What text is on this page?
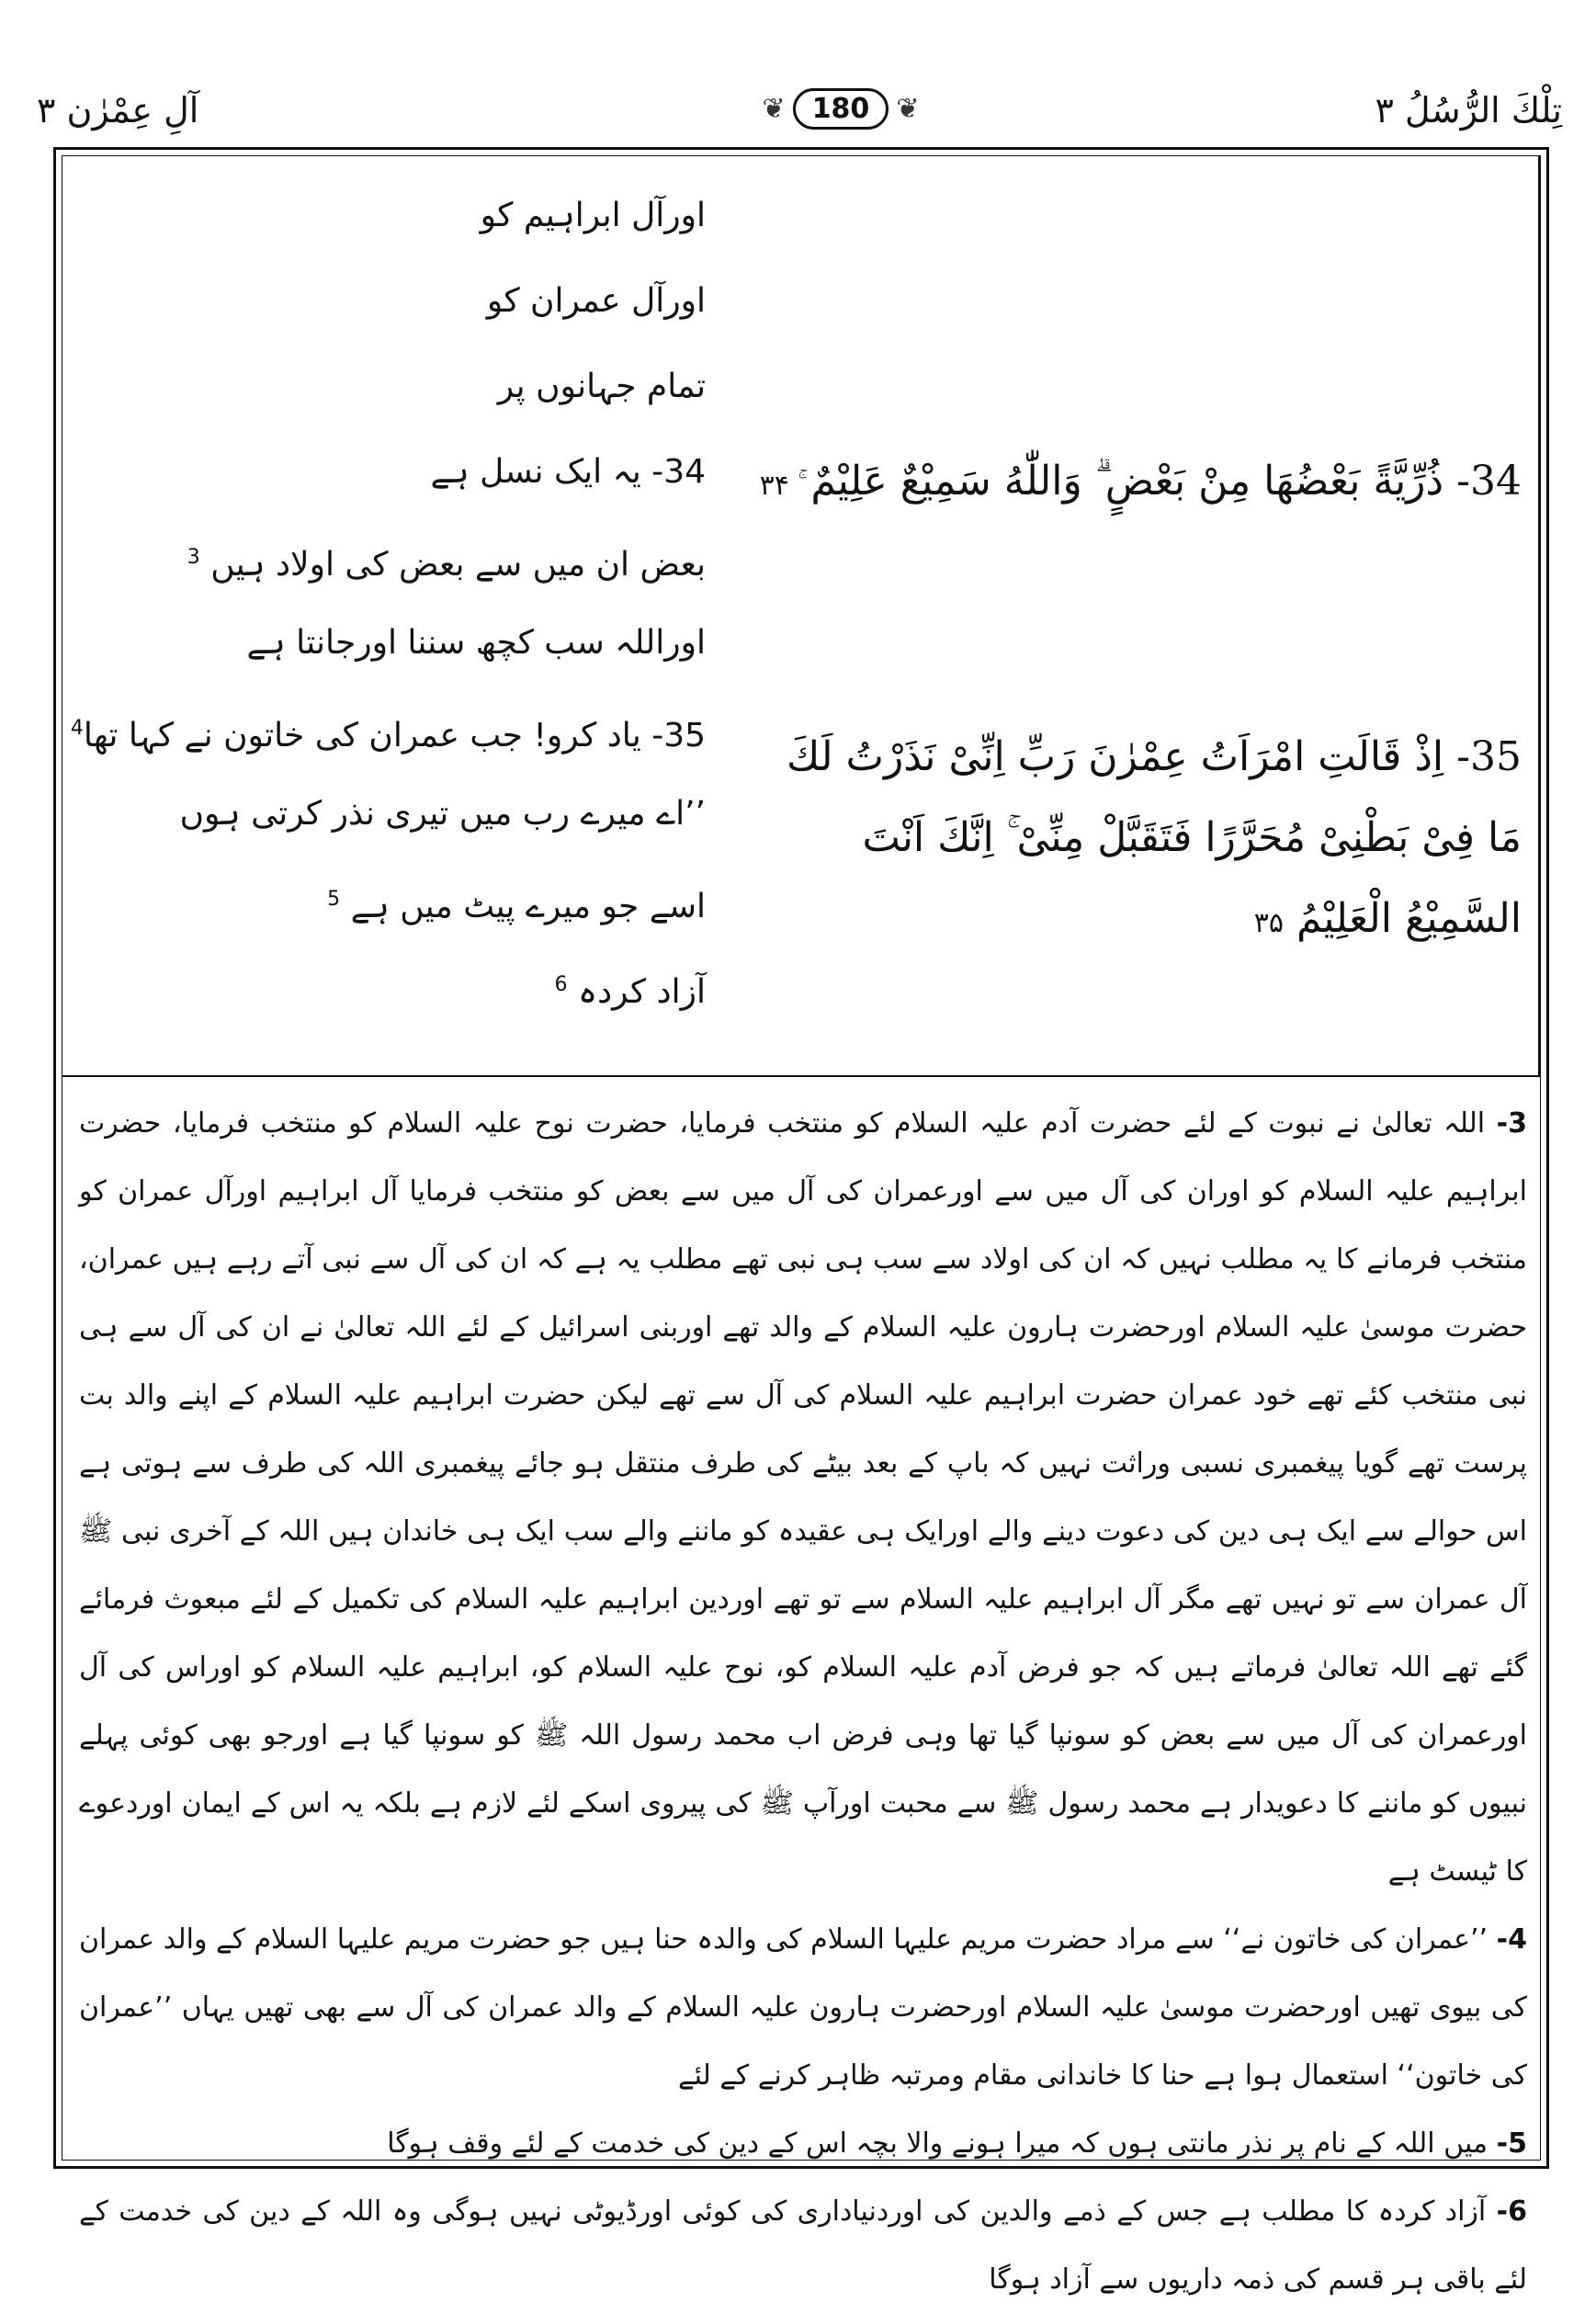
آلِ عِمْرٰن ۳	❦ 180 ❦	تِلْكَ الرُّسُلُ ۳
اورآل ابراہیم کو
اورآل عمران کو
تمام جہانوں پر
34- یہ ایک نسل ہے
بعض ان میں سے بعض کی اولاد ہیں $^3$
اوراللہ سب کچھ سننا اورجانتا ہے
35- یاد کرو! جب عمران کی خاتون نے کہا تھا$^4$
’’اے میرے رب میں تیری نذر کرتی ہوں
اسے جو میرے پیٹ میں ہے $^5$
آزاد کردہ $^6$
34- ذُرِّيَّةً بَعْضُهَا مِنْ بَعْضٍ ۗ وَاللّٰهُ سَمِيْعٌ عَلِيْمٌ ۚ ۳۴
35- اِذْ قَالَتِ امْرَاَتُ عِمْرٰنَ رَبِّ اِنِّىْ نَذَرْتُ لَكَ
مَا فِىْ بَطْنِىْ مُحَرَّرًا فَتَقَبَّلْ مِنِّىْ ۚ اِنَّكَ اَنْتَ
السَّمِيْعُ الْعَلِيْمُ ۳۵
3- اللہ تعالیٰ نے نبوت کے لئے حضرت آدم علیہ السلام کو منتخب فرمایا، حضرت نوح علیہ السلام کو منتخب فرمایا، حضرت ابراہیم علیہ السلام کو اوران کی آل میں سے اورعمران کی آل میں سے بعض کو منتخب فرمایا آل ابراہیم اورآل عمران کو منتخب فرمانے کا یہ مطلب نہیں کہ ان کی اولاد سے سب ہی نبی تھے مطلب یہ ہے کہ ان کی آل سے نبی آتے رہے ہیں عمران، حضرت موسیٰ علیہ السلام اورحضرت ہارون علیہ السلام کے والد تھے اوربنی اسرائیل کے لئے اللہ تعالیٰ نے ان کی آل سے ہی نبی منتخب کئے تھے خود عمران حضرت ابراہیم علیہ السلام کی آل سے تھے لیکن حضرت ابراہیم علیہ السلام کے اپنے والد بت پرست تھے گویا پیغمبری نسبی وراثت نہیں کہ باپ کے بعد بیٹے کی طرف منتقل ہو جائے پیغمبری اللہ کی طرف سے ہوتی ہے اس حوالے سے ایک ہی دین کی دعوت دینے والے اورایک ہی عقیدہ کو ماننے والے سب ایک ہی خاندان ہیں اللہ کے آخری نبی ﷺ آل عمران سے تو نہیں تھے مگر آل ابراہیم علیہ السلام سے تو تھے اوردین ابراہیم علیہ السلام کی تکمیل کے لئے مبعوث فرمائے گئے تھے اللہ تعالیٰ فرماتے ہیں کہ جو فرض آدم علیہ السلام کو، نوح علیہ السلام کو، ابراہیم علیہ السلام کو اوراس کی آل اورعمران کی آل میں سے بعض کو سونپا گیا تھا وہی فرض اب محمد رسول اللہ ﷺ کو سونپا گیا ہے اورجو بھی کوئی پہلے نبیوں کو ماننے کا دعویدار ہے محمد رسول ﷺ سے محبت اورآپ ﷺ کی پیروی اسکے لئے لازم ہے بلکہ یہ اس کے ایمان اوردعوے کا ٹیسٹ ہے
4- ’’عمران کی خاتون نے‘‘ سے مراد حضرت مریم علیہا السلام کی والدہ حنا ہیں جو حضرت مریم علیہا السلام کے والد عمران کی بیوی تھیں اورحضرت موسیٰ علیہ السلام اورحضرت ہارون علیہ السلام کے والد عمران کی آل سے بھی تھیں یہاں ’’عمران کی خاتون‘‘ استعمال ہوا ہے حنا کا خاندانی مقام ومرتبہ ظاہر کرنے کے لئے
5- میں اللہ کے نام پر نذر مانتی ہوں کہ میرا ہونے والا بچہ اس کے دین کی خدمت کے لئے وقف ہوگا
6- آزاد کردہ کا مطلب ہے جس کے ذمے والدین کی اوردنیاداری کی کوئی اورڈیوٹی نہیں ہوگی وہ اللہ کے دین کی خدمت کے لئے باقی ہر قسم کی ذمہ داریوں سے آزاد ہوگا
